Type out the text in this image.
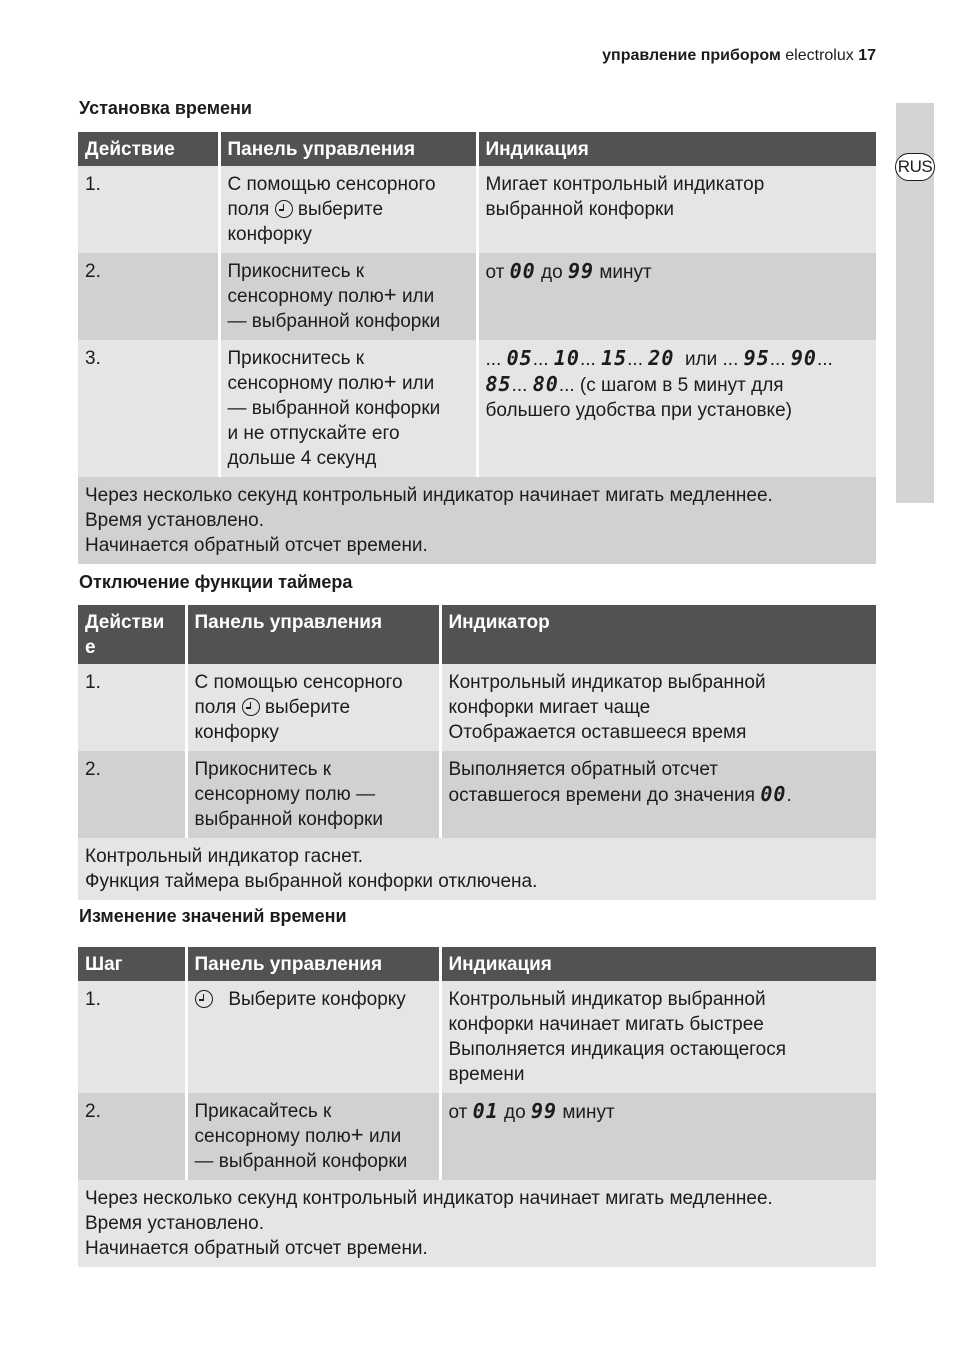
управление прибором electrolux 17
RUS
Установка времени
Действие	Панель управления	Индикация
1.	С помощью сенсорного
поля выберите
конфорку	Мигает контрольный индикатор
выбранной конфорки

2.	Прикоснитесь к
сенсорному полю+ или
— выбранной конфорки	от 00 до 99 минут

3.	Прикоснитесь к
сенсорному полю+ или
— выбранной конфорки
и не отпускайте его
дольше 4 секунд	... 05... 10... 15... 20 или ... 95... 90...
85... 80... (с шагом в 5 минут для
большего удобства при установке)

Через несколько секунд контрольный индикатор начинает мигать медленнее.
Время установлено.
Начинается обратный отсчет времени.		
Отключение функции таймера
Действи
е	Панель управления	Индикатор
1.	С помощью сенсорного
поля выберите
конфорку	Контрольный индикатор выбранной
конфорки мигает чаще
Отображается оставшееся время

2.	Прикоснитесь к
сенсорному полю —
выбранной конфорки	Выполняется обратный отсчет
оставшегося времени до значения 00.

Контрольный индикатор гаснет.
Функция таймера выбранной конфорки отключена.		
Изменение значений времени
Шаг	Панель управления	Индикация
1.	Выберите конфорку	Контрольный индикатор выбранной
конфорки начинает мигать быстрее
Выполняется индикация остающегося
времени

2.	Прикасайтесь к
сенсорному полю+ или
— выбранной конфорки	от 01 до 99 минут

Через несколько секунд контрольный индикатор начинает мигать медленнее.
Время установлено.
Начинается обратный отсчет времени.		
